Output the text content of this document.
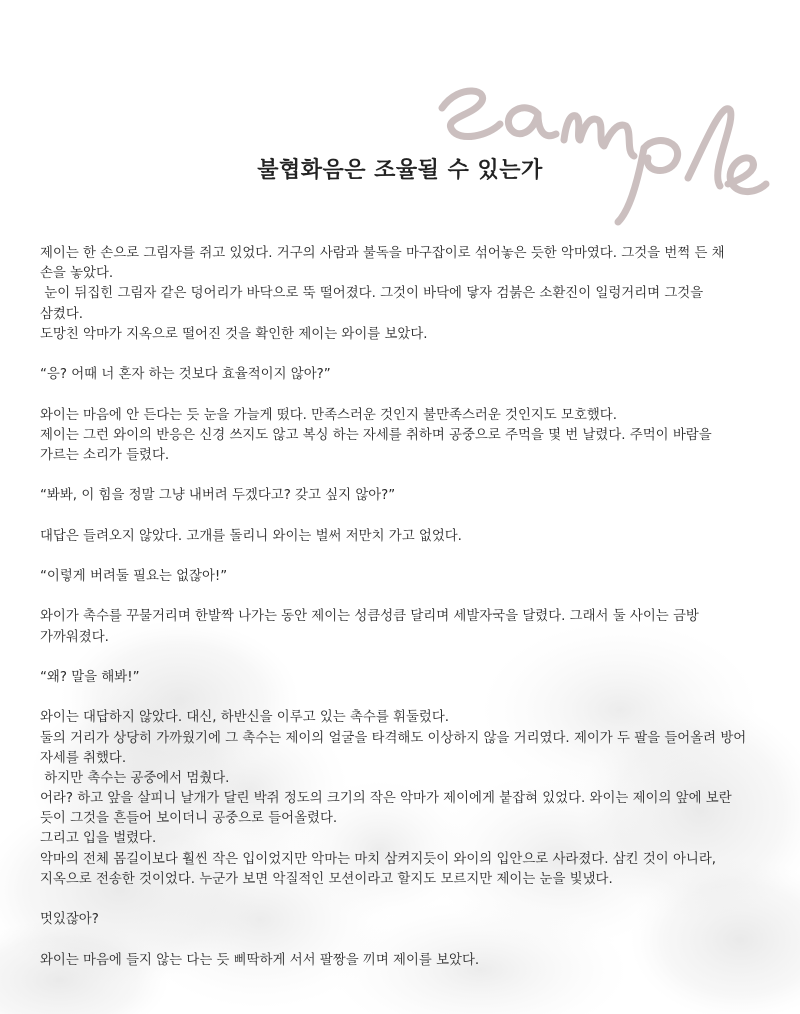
불협화음은 조율될 수 있는가

제이는 한 손으로 그림자를 쥐고 있었다. 거구의 사람과 불독을 마구잡이로 섞어놓은 듯한 악마였다. 그것을 번쩍 든 채

손을 놓았다.

눈이 뒤집힌 그림자 같은 덩어리가 바닥으로 뚝 떨어졌다. 그것이 바닥에 닿자 검붉은 소환진이 일렁거리며 그것을

삼켰다.

도망친 악마가 지옥으로 떨어진 것을 확인한 제이는 와이를 보았다.

“응? 어때 너 혼자 하는 것보다 효율적이지 않아?”

와이는 마음에 안 든다는 듯 눈을 가늘게 떴다. 만족스러운 것인지 불만족스러운 것인지도 모호했다.

제이는 그런 와이의 반응은 신경 쓰지도 않고 복싱 하는 자세를 취하며 공중으로 주먹을 몇 번 날렸다. 주먹이 바람을

가르는 소리가 들렸다.

“봐봐, 이 힘을 정말 그냥 내버려 두겠다고? 갖고 싶지 않아?”

대답은 들려오지 않았다. 고개를 돌리니 와이는 벌써 저만치 가고 없었다.

“이렇게 버려둘 필요는 없잖아!”

와이가 촉수를 꾸물거리며 한발짝 나가는 동안 제이는 성큼성큼 달리며 세발자국을 달렸다. 그래서 둘 사이는 금방

가까워졌다.

“왜? 말을 해봐!”

와이는 대답하지 않았다. 대신, 하반신을 이루고 있는 촉수를 휘둘렀다.

둘의 거리가 상당히 가까웠기에 그 촉수는 제이의 얼굴을 타격해도 이상하지 않을 거리였다. 제이가 두 팔을 들어올려 방어

자세를 취했다.

하지만 촉수는 공중에서 멈췄다.

어라? 하고 앞을 살피니 날개가 달린 박쥐 정도의 크기의 작은 악마가 제이에게 붙잡혀 있었다. 와이는 제이의 앞에 보란

듯이 그것을 흔들어 보이더니 공중으로 들어올렸다.

그리고 입을 벌렸다.

악마의 전체 몸길이보다 훨씬 작은 입이었지만 악마는 마치 삼켜지듯이 와이의 입안으로 사라졌다. 삼킨 것이 아니라,

지옥으로 전송한 것이었다. 누군가 보면 악질적인 모션이라고 할지도 모르지만 제이는 눈을 빛냈다.

멋있잖아?

와이는 마음에 들지 않는 다는 듯 삐딱하게 서서 팔짱을 끼며 제이를 보았다.
